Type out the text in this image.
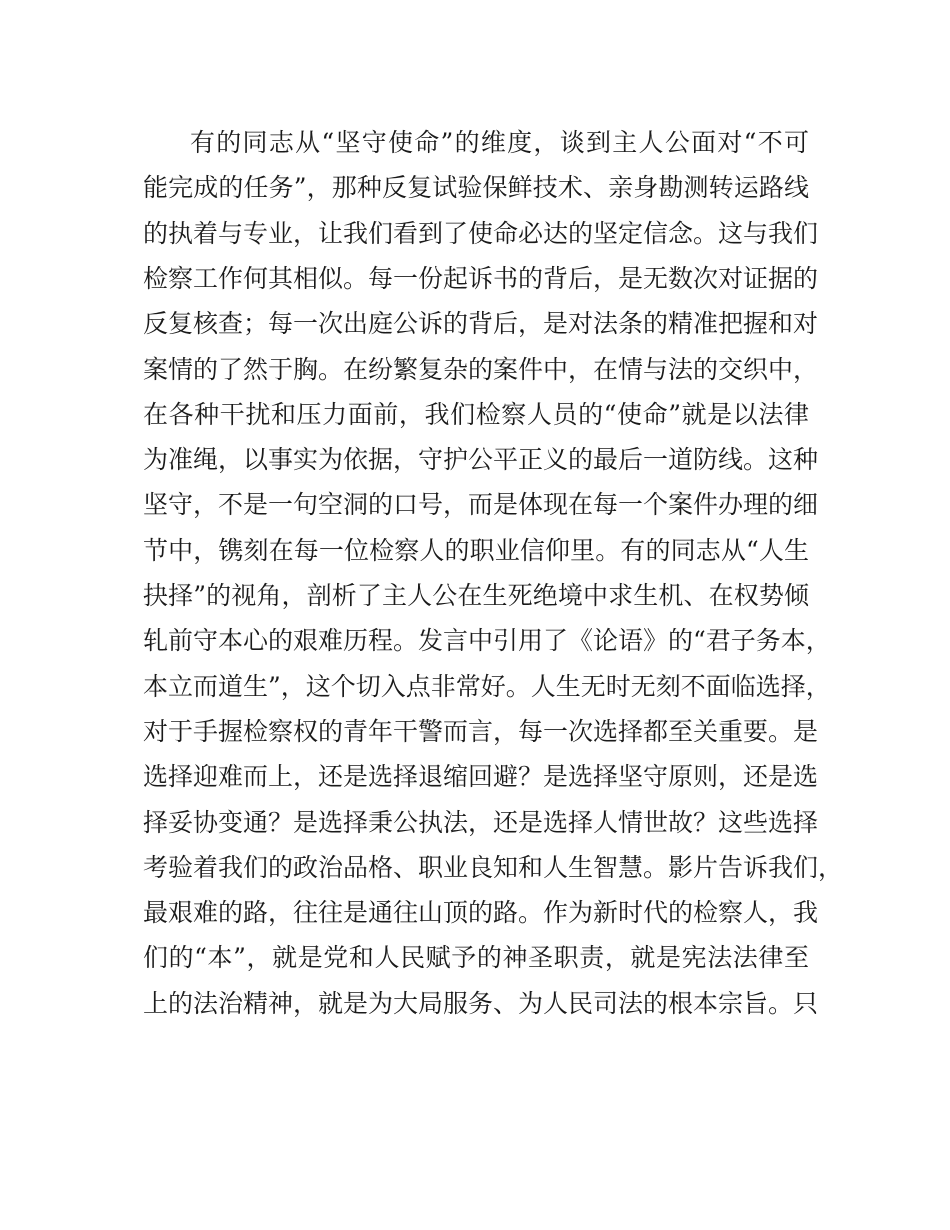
有的同志从“坚守使命”的维度，谈到主人公面对“不可
能完成的任务”，那种反复试验保鲜技术、亲身勘测转运路线
的执着与专业，让我们看到了使命必达的坚定信念。这与我们
检察工作何其相似。每一份起诉书的背后，是无数次对证据的
反复核查；每一次出庭公诉的背后，是对法条的精准把握和对
案情的了然于胸。在纷繁复杂的案件中，在情与法的交织中，
在各种干扰和压力面前，我们检察人员的“使命”就是以法律
为准绳，以事实为依据，守护公平正义的最后一道防线。这种
坚守，不是一句空洞的口号，而是体现在每一个案件办理的细
节中，镌刻在每一位检察人的职业信仰里。有的同志从“人生
抉择”的视角，剖析了主人公在生死绝境中求生机、在权势倾
轧前守本心的艰难历程。发言中引用了《论语》的“君子务本，
本立而道生”，这个切入点非常好。人生无时无刻不面临选择，
对于手握检察权的青年干警而言，每一次选择都至关重要。是
选择迎难而上，还是选择退缩回避？是选择坚守原则，还是选
择妥协变通？是选择秉公执法，还是选择人情世故？这些选择
考验着我们的政治品格、职业良知和人生智慧。影片告诉我们，
最艰难的路，往往是通往山顶的路。作为新时代的检察人，我
们的“本”，就是党和人民赋予的神圣职责，就是宪法法律至
上的法治精神，就是为大局服务、为人民司法的根本宗旨。只
